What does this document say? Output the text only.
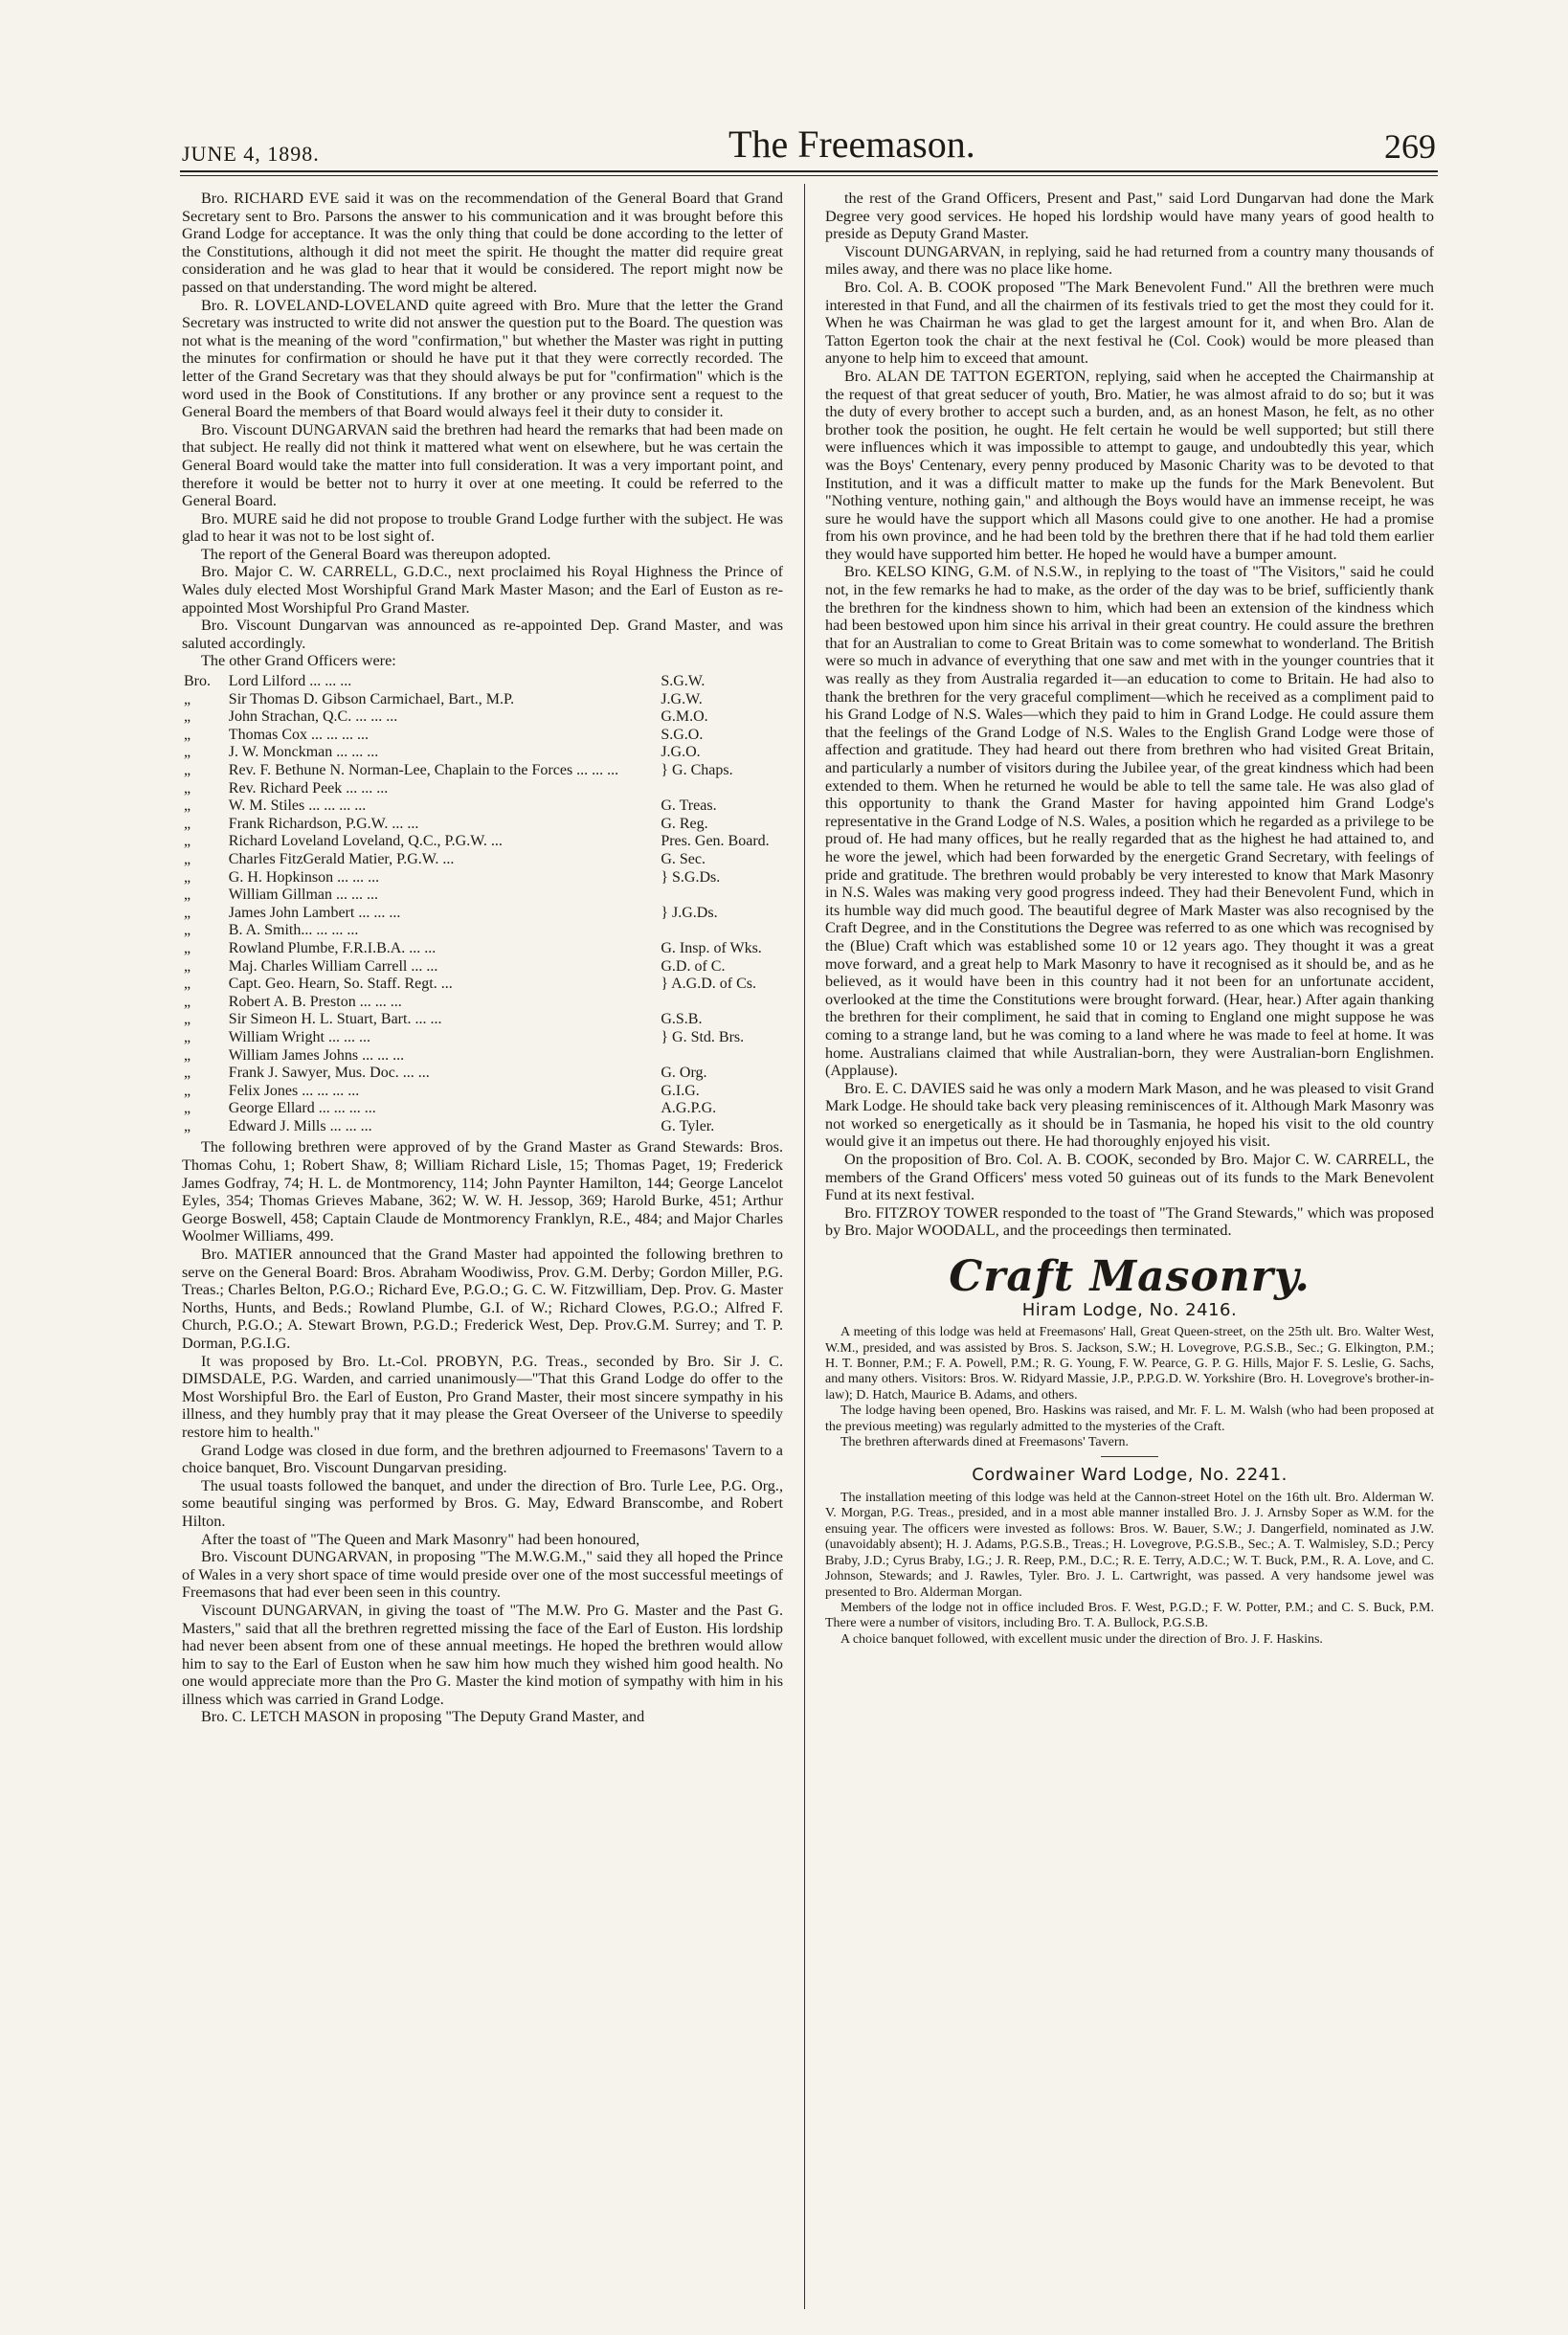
JUNE 4, 1898.	The Freemason.	269

Bro. RICHARD EVE said it was on the recommendation of the General Board that Grand Secretary sent to Bro. Parsons the answer to his communication and it was brought before this Grand Lodge for acceptance. It was the only thing that could be done according to the letter of the Constitutions, although it did not meet the spirit. He thought the matter did require great consideration and he was glad to hear that it would be considered. The report might now be passed on that understanding. The word might be altered.

Bro. R. LOVELAND-LOVELAND quite agreed with Bro. Mure that the letter the Grand Secretary was instructed to write did not answer the question put to the Board. The question was not what is the meaning of the word "confirmation," but whether the Master was right in putting the minutes for confirmation or should he have put it that they were correctly recorded. The letter of the Grand Secretary was that they should always be put for "confirmation" which is the word used in the Book of Constitutions. If any brother or any province sent a request to the General Board the members of that Board would always feel it their duty to consider it.

Bro. Viscount DUNGARVAN said the brethren had heard the remarks that had been made on that subject. He really did not think it mattered what went on elsewhere, but he was certain the General Board would take the matter into full consideration. It was a very important point, and therefore it would be better not to hurry it over at one meeting. It could be referred to the General Board.

Bro. MURE said he did not propose to trouble Grand Lodge further with the subject. He was glad to hear it was not to be lost sight of.

The report of the General Board was thereupon adopted.

Bro. Major C. W. CARRELL, G.D.C., next proclaimed his Royal Highness the Prince of Wales duly elected Most Worshipful Grand Mark Master Mason; and the Earl of Euston as re-appointed Most Worshipful Pro Grand Master.

Bro. Viscount Dungarvan was announced as re-appointed Dep. Grand Master, and was saluted accordingly.

The other Grand Officers were:

Bro.	Lord Lilford ... ... ...	S.G.W.
„	Sir Thomas D. Gibson Carmichael, Bart., M.P.	J.G.W.
„	John Strachan, Q.C. ... ... ...	G.M.O.
„	Thomas Cox ... ... ... ...	S.G.O.
„	J. W. Monckman ... ... ...	J.G.O.
„	Rev. F. Bethune N. Norman-Lee, Chaplain to the Forces ... ... ...	} G. Chaps.
„	Rev. Richard Peek ... ... ...	
„	W. M. Stiles ... ... ... ...	G. Treas.
„	Frank Richardson, P.G.W. ... ...	G. Reg.
„	Richard Loveland Loveland, Q.C., P.G.W. ...	Pres. Gen. Board.
„	Charles FitzGerald Matier, P.G.W. ...	G. Sec.
„	G. H. Hopkinson ... ... ...	} S.G.Ds.
„	William Gillman ... ... ...	
„	James John Lambert ... ... ...	} J.G.Ds.
„	B. A. Smith... ... ... ...	
„	Rowland Plumbe, F.R.I.B.A. ... ...	G. Insp. of Wks.
„	Maj. Charles William Carrell ... ...	G.D. of C.
„	Capt. Geo. Hearn, So. Staff. Regt. ...	} A.G.D. of Cs.
„	Robert A. B. Preston ... ... ...	
„	Sir Simeon H. L. Stuart, Bart. ... ...	G.S.B.
„	William Wright ... ... ...	} G. Std. Brs.
„	William James Johns ... ... ...	
„	Frank J. Sawyer, Mus. Doc. ... ...	G. Org.
„	Felix Jones ... ... ... ...	G.I.G.
„	George Ellard ... ... ... ...	A.G.P.G.
„	Edward J. Mills ... ... ...	G. Tyler.

The following brethren were approved of by the Grand Master as Grand Stewards: Bros. Thomas Cohu, 1; Robert Shaw, 8; William Richard Lisle, 15; Thomas Paget, 19; Frederick James Godfray, 74; H. L. de Montmorency, 114; John Paynter Hamilton, 144; George Lancelot Eyles, 354; Thomas Grieves Mabane, 362; W. W. H. Jessop, 369; Harold Burke, 451; Arthur George Boswell, 458; Captain Claude de Montmorency Franklyn, R.E., 484; and Major Charles Woolmer Williams, 499.

Bro. MATIER announced that the Grand Master had appointed the following brethren to serve on the General Board: Bros. Abraham Woodiwiss, Prov. G.M. Derby; Gordon Miller, P.G. Treas.; Charles Belton, P.G.O.; Richard Eve, P.G.O.; G. C. W. Fitzwilliam, Dep. Prov. G. Master Norths, Hunts, and Beds.; Rowland Plumbe, G.I. of W.; Richard Clowes, P.G.O.; Alfred F. Church, P.G.O.; A. Stewart Brown, P.G.D.; Frederick West, Dep. Prov.G.M. Surrey; and T. P. Dorman, P.G.I.G.

It was proposed by Bro. Lt.-Col. PROBYN, P.G. Treas., seconded by Bro. Sir J. C. DIMSDALE, P.G. Warden, and carried unanimously—"That this Grand Lodge do offer to the Most Worshipful Bro. the Earl of Euston, Pro Grand Master, their most sincere sympathy in his illness, and they humbly pray that it may please the Great Overseer of the Universe to speedily restore him to health."

Grand Lodge was closed in due form, and the brethren adjourned to Freemasons' Tavern to a choice banquet, Bro. Viscount Dungarvan presiding.

The usual toasts followed the banquet, and under the direction of Bro. Turle Lee, P.G. Org., some beautiful singing was performed by Bros. G. May, Edward Branscombe, and Robert Hilton.

After the toast of "The Queen and Mark Masonry" had been honoured,

Bro. Viscount DUNGARVAN, in proposing "The M.W.G.M.," said they all hoped the Prince of Wales in a very short space of time would preside over one of the most successful meetings of Freemasons that had ever been seen in this country.

Viscount DUNGARVAN, in giving the toast of "The M.W. Pro G. Master and the Past G. Masters," said that all the brethren regretted missing the face of the Earl of Euston. His lordship had never been absent from one of these annual meetings. He hoped the brethren would allow him to say to the Earl of Euston when he saw him how much they wished him good health. No one would appreciate more than the Pro G. Master the kind motion of sympathy with him in his illness which was carried in Grand Lodge.

Bro. C. LETCH MASON in proposing "The Deputy Grand Master, and

the rest of the Grand Officers, Present and Past," said Lord Dungarvan had done the Mark Degree very good services. He hoped his lordship would have many years of good health to preside as Deputy Grand Master.

Viscount DUNGARVAN, in replying, said he had returned from a country many thousands of miles away, and there was no place like home.

Bro. Col. A. B. COOK proposed "The Mark Benevolent Fund." All the brethren were much interested in that Fund, and all the chairmen of its festivals tried to get the most they could for it. When he was Chairman he was glad to get the largest amount for it, and when Bro. Alan de Tatton Egerton took the chair at the next festival he (Col. Cook) would be more pleased than anyone to help him to exceed that amount.

Bro. ALAN DE TATTON EGERTON, replying, said when he accepted the Chairmanship at the request of that great seducer of youth, Bro. Matier, he was almost afraid to do so; but it was the duty of every brother to accept such a burden, and, as an honest Mason, he felt, as no other brother took the position, he ought. He felt certain he would be well supported; but still there were influences which it was impossible to attempt to gauge, and undoubtedly this year, which was the Boys' Centenary, every penny produced by Masonic Charity was to be devoted to that Institution, and it was a difficult matter to make up the funds for the Mark Benevolent. But "Nothing venture, nothing gain," and although the Boys would have an immense receipt, he was sure he would have the support which all Masons could give to one another. He had a promise from his own province, and he had been told by the brethren there that if he had told them earlier they would have supported him better. He hoped he would have a bumper amount.

Bro. KELSO KING, G.M. of N.S.W., in replying to the toast of "The Visitors," said he could not, in the few remarks he had to make, as the order of the day was to be brief, sufficiently thank the brethren for the kindness shown to him, which had been an extension of the kindness which had been bestowed upon him since his arrival in their great country. He could assure the brethren that for an Australian to come to Great Britain was to come somewhat to wonderland. The British were so much in advance of everything that one saw and met with in the younger countries that it was really as they from Australia regarded it—an education to come to Britain. He had also to thank the brethren for the very graceful compliment—which he received as a compliment paid to his Grand Lodge of N.S. Wales—which they paid to him in Grand Lodge. He could assure them that the feelings of the Grand Lodge of N.S. Wales to the English Grand Lodge were those of affection and gratitude. They had heard out there from brethren who had visited Great Britain, and particularly a number of visitors during the Jubilee year, of the great kindness which had been extended to them. When he returned he would be able to tell the same tale. He was also glad of this opportunity to thank the Grand Master for having appointed him Grand Lodge's representative in the Grand Lodge of N.S. Wales, a position which he regarded as a privilege to be proud of. He had many offices, but he really regarded that as the highest he had attained to, and he wore the jewel, which had been forwarded by the energetic Grand Secretary, with feelings of pride and gratitude. The brethren would probably be very interested to know that Mark Masonry in N.S. Wales was making very good progress indeed. They had their Benevolent Fund, which in its humble way did much good. The beautiful degree of Mark Master was also recognised by the Craft Degree, and in the Constitutions the Degree was referred to as one which was recognised by the (Blue) Craft which was established some 10 or 12 years ago. They thought it was a great move forward, and a great help to Mark Masonry to have it recognised as it should be, and as he believed, as it would have been in this country had it not been for an unfortunate accident, overlooked at the time the Constitutions were brought forward. (Hear, hear.) After again thanking the brethren for their compliment, he said that in coming to England one might suppose he was coming to a strange land, but he was coming to a land where he was made to feel at home. It was home. Australians claimed that while Australian-born, they were Australian-born Englishmen. (Applause).

Bro. E. C. DAVIES said he was only a modern Mark Mason, and he was pleased to visit Grand Mark Lodge. He should take back very pleasing reminiscences of it. Although Mark Masonry was not worked so energetically as it should be in Tasmania, he hoped his visit to the old country would give it an impetus out there. He had thoroughly enjoyed his visit.

On the proposition of Bro. Col. A. B. COOK, seconded by Bro. Major C. W. CARRELL, the members of the Grand Officers' mess voted 50 guineas out of its funds to the Mark Benevolent Fund at its next festival.

Bro. FITZROY TOWER responded to the toast of "The Grand Stewards," which was proposed by Bro. Major WOODALL, and the proceedings then terminated.

Craft Masonry.
Hiram Lodge, No. 2416.

A meeting of this lodge was held at Freemasons' Hall, Great Queen-street, on the 25th ult. Bro. Walter West, W.M., presided, and was assisted by Bros. S. Jackson, S.W.; H. Lovegrove, P.G.S.B., Sec.; G. Elkington, P.M.; H. T. Bonner, P.M.; F. A. Powell, P.M.; R. G. Young, F. W. Pearce, G. P. G. Hills, Major F. S. Leslie, G. Sachs, and many others. Visitors: Bros. W. Ridyard Massie, J.P., P.P.G.D. W. Yorkshire (Bro. H. Lovegrove's brother-in-law); D. Hatch, Maurice B. Adams, and others.

The lodge having been opened, Bro. Haskins was raised, and Mr. F. L. M. Walsh (who had been proposed at the previous meeting) was regularly admitted to the mysteries of the Craft.

The brethren afterwards dined at Freemasons' Tavern.

Cordwainer Ward Lodge, No. 2241.

The installation meeting of this lodge was held at the Cannon-street Hotel on the 16th ult. Bro. Alderman W. V. Morgan, P.G. Treas., presided, and in a most able manner installed Bro. J. J. Arnsby Soper as W.M. for the ensuing year. The officers were invested as follows: Bros. W. Bauer, S.W.; J. Dangerfield, nominated as J.W. (unavoidably absent); H. J. Adams, P.G.S.B., Treas.; H. Lovegrove, P.G.S.B., Sec.; A. T. Walmisley, S.D.; Percy Braby, J.D.; Cyrus Braby, I.G.; J. R. Reep, P.M., D.C.; R. E. Terry, A.D.C.; W. T. Buck, P.M., R. A. Love, and C. Johnson, Stewards; and J. Rawles, Tyler. Bro. J. L. Cartwright, was passed. A very handsome jewel was presented to Bro. Alderman Morgan.

Members of the lodge not in office included Bros. F. West, P.G.D.; F. W. Potter, P.M.; and C. S. Buck, P.M. There were a number of visitors, including Bro. T. A. Bullock, P.G.S.B.

A choice banquet followed, with excellent music under the direction of Bro. J. F. Haskins.
